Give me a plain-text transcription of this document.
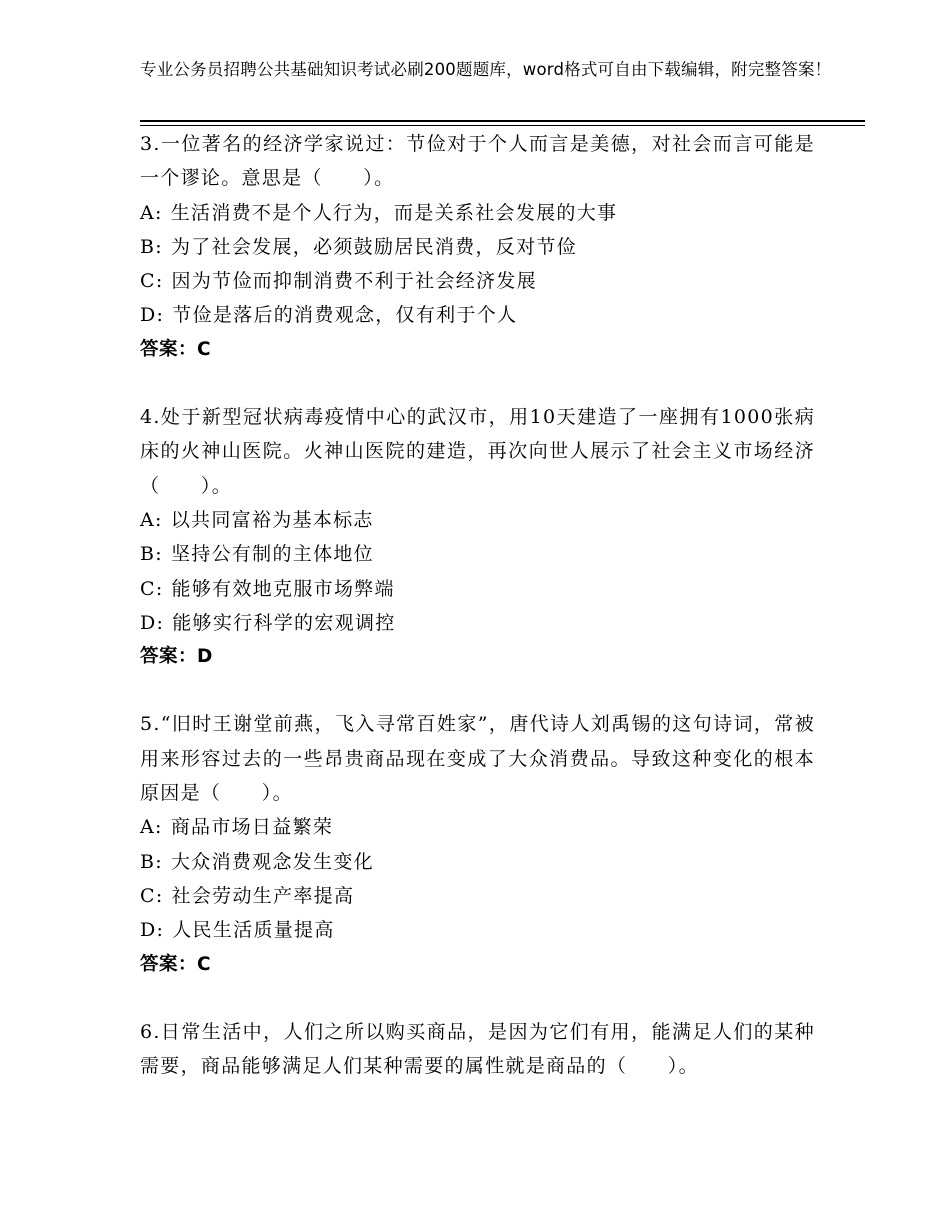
专业公务员招聘公共基础知识考试必刷200题题库，word格式可自由下载编辑，附完整答案！

3.一位著名的经济学家说过：节俭对于个人而言是美德，对社会而言可能是一个谬论。意思是（　　）。

A: 生活消费不是个人行为，而是关系社会发展的大事

B: 为了社会发展，必须鼓励居民消费，反对节俭

C: 因为节俭而抑制消费不利于社会经济发展

D: 节俭是落后的消费观念，仅有利于个人

答案：C

4.处于新型冠状病毒疫情中心的武汉市，用10天建造了一座拥有1000张病床的火神山医院。火神山医院的建造，再次向世人展示了社会主义市场经济（　　）。

A: 以共同富裕为基本标志

B: 坚持公有制的主体地位

C: 能够有效地克服市场弊端

D: 能够实行科学的宏观调控

答案：D

5.“旧时王谢堂前燕，飞入寻常百姓家”，唐代诗人刘禹锡的这句诗词，常被用来形容过去的一些昂贵商品现在变成了大众消费品。导致这种变化的根本原因是（　　）。

A: 商品市场日益繁荣

B: 大众消费观念发生变化

C: 社会劳动生产率提高

D: 人民生活质量提高

答案：C

6.日常生活中，人们之所以购买商品，是因为它们有用，能满足人们的某种需要，商品能够满足人们某种需要的属性就是商品的（　　）。
